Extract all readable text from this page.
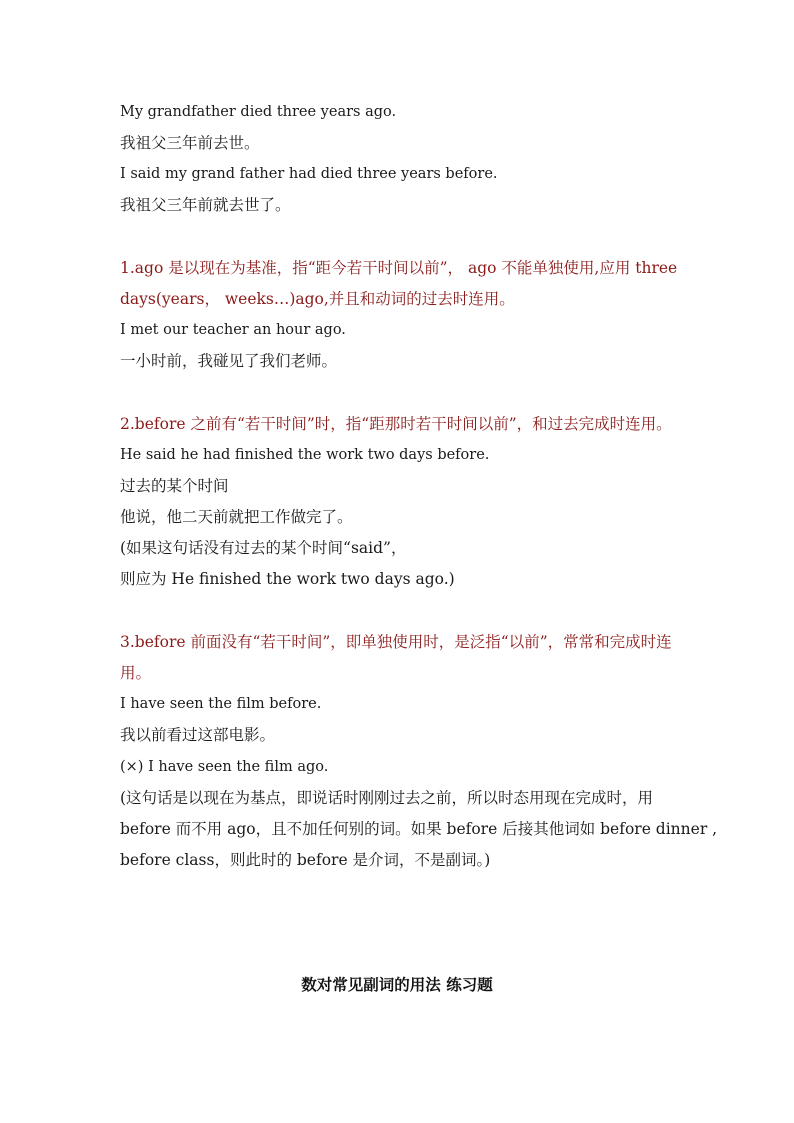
My grandfather died three years ago.
我祖父三年前去世。
I said my grand father had died three years before.
我祖父三年前就去世了。
1.ago 是以现在为基准，指“距今若干时间以前”， ago 不能单独使用,应用 three
days(years， weeks…)ago,并且和动词的过去时连用。
I met our teacher an hour ago.
一小时前，我碰见了我们老师。
2.before 之前有“若干时间”时，指“距那时若干时间以前”，和过去完成时连用。
He said he had finished the work two days before.
过去的某个时间
他说，他二天前就把工作做完了。
(如果这句话没有过去的某个时间“said”，
则应为 He finished the work two days ago.)
3.before 前面没有“若干时间”，即单独使用时，是泛指“以前”，常常和完成时连
用。
I have seen the film before.
我以前看过这部电影。
(×) I have seen the film ago.
(这句话是以现在为基点，即说话时刚刚过去之前，所以时态用现在完成时，用
before 而不用 ago，且不加任何别的词。如果 before 后接其他词如 before dinner ,
before class，则此时的 before 是介词，不是副词。)
数对常见副词的用法 练习题
